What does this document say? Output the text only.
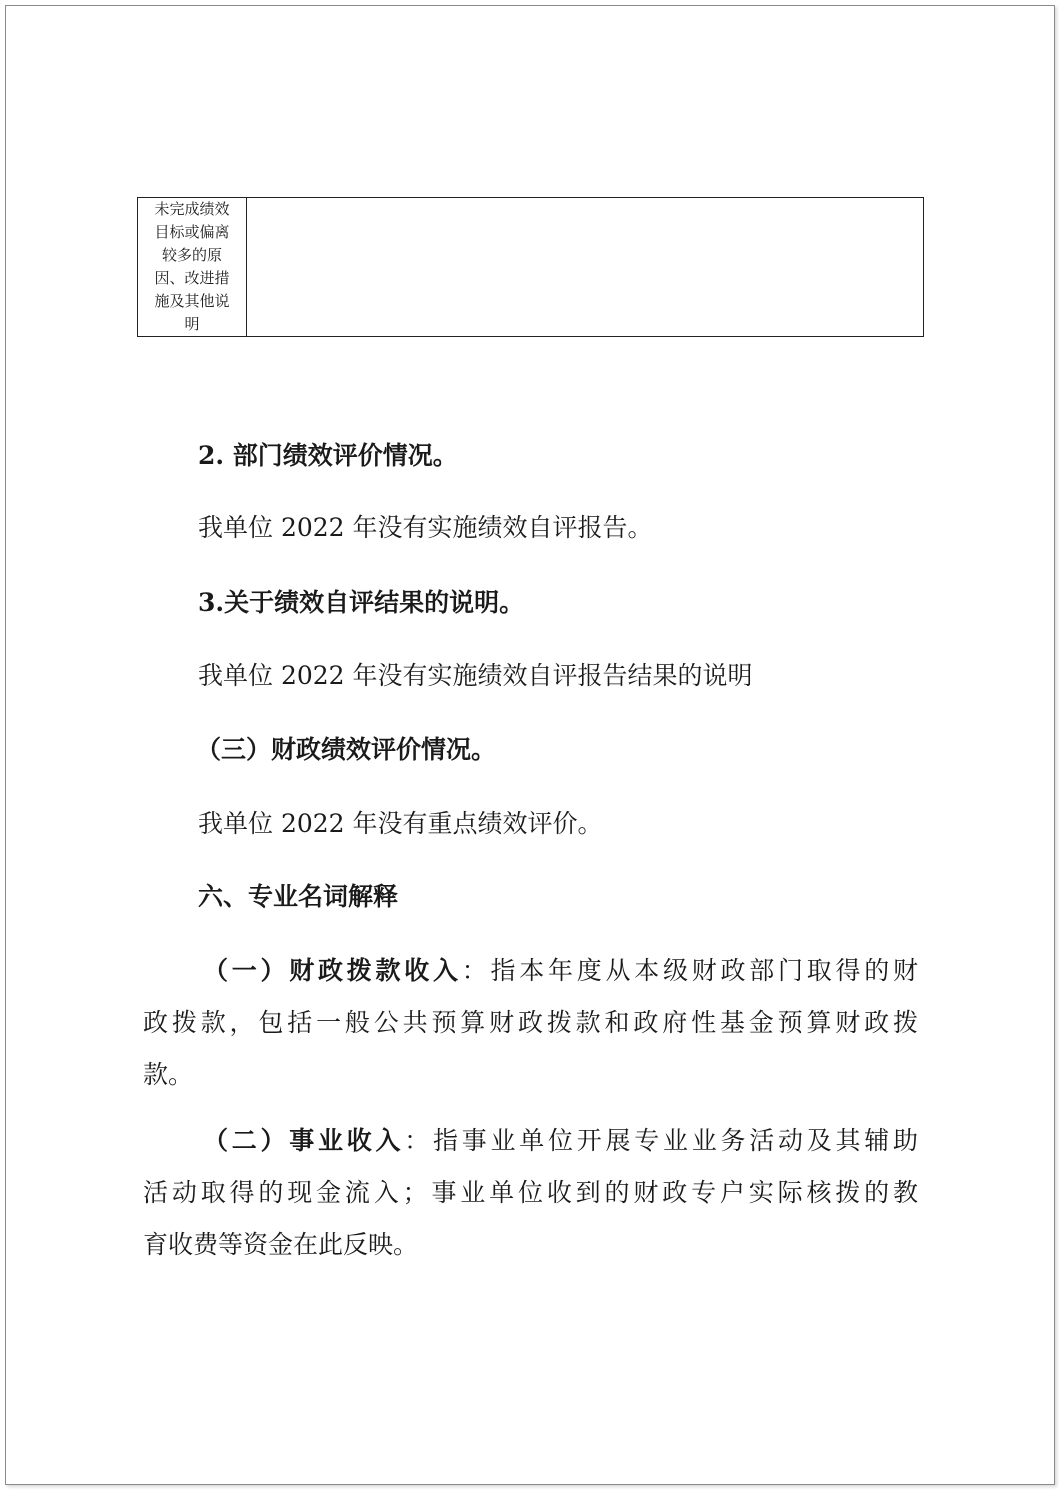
未完成绩效
目标或偏离
较多的原
因、改进措
施及其他说
明

2. 部门绩效评价情况。
我单位 2022 年没有实施绩效自评报告。
3.关于绩效自评结果的说明。
我单位 2022 年没有实施绩效自评报告结果的说明
（三）财政绩效评价情况。
我单位 2022 年没有重点绩效评价。
六、专业名词解释
（一）财政拨款收入：指本年度从本级财政部门取得的财
政拨款，包括一般公共预算财政拨款和政府性基金预算财政拨
款。
（二）事业收入：指事业单位开展专业业务活动及其辅助
活动取得的现金流入；事业单位收到的财政专户实际核拨的教
育收费等资金在此反映。
